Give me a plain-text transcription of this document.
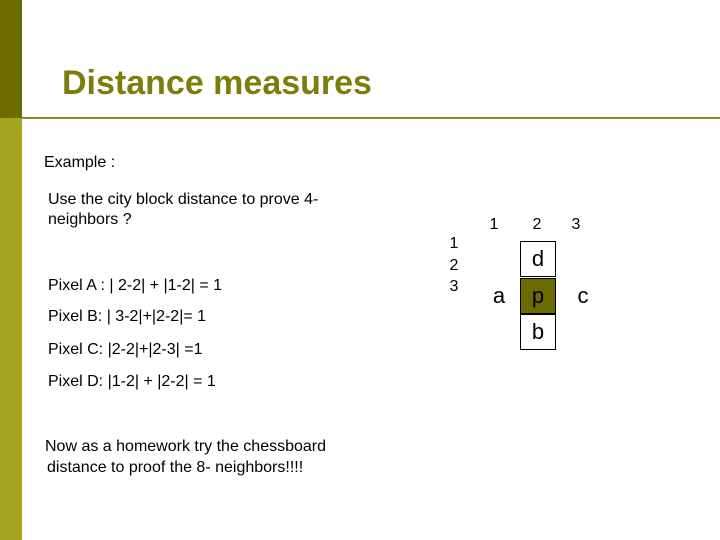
Distance measures
Example :
Use the city block distance to prove 4-
neighbors ?
Pixel A : | 2-2| + |1-2| = 1
Pixel B: | 3-2|+|2-2|= 1
Pixel C: |2-2|+|2-3| =1
Pixel D: |1-2| + |2-2| = 1
Now as a homework try the chessboard
distance to proof the 8- neighbors!!!!
1	2	3
1
2
3
d
a	p	c
b
